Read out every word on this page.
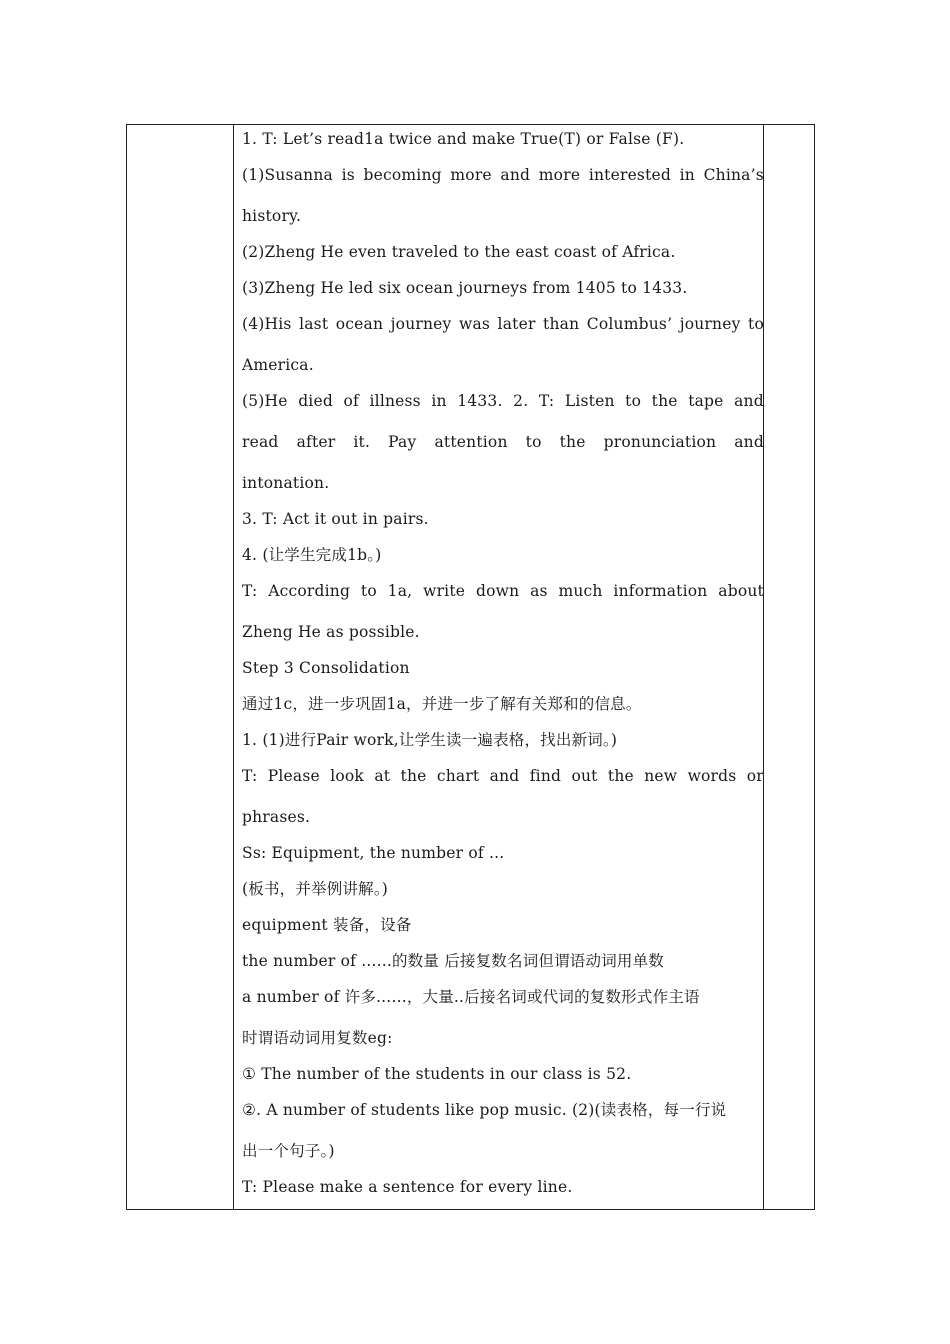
1. T: Let’s read1a twice and make True(T) or False (F).
(1)Susanna is becoming more and more interested in China’s
history.
(2)Zheng He even traveled to the east coast of Africa.
(3)Zheng He led six ocean journeys from 1405 to 1433.
(4)His last ocean journey was later than Columbus’ journey to
America.
(5)He died of illness in 1433. 2. T: Listen to the tape and
read after it. Pay attention to the pronunciation and
intonation.
3. T: Act it out in pairs.
4. (让学生完成1b。)
T: According to 1a, write down as much information about
Zheng He as possible.
Step 3 Consolidation
通过1c，进一步巩固1a，并进一步了解有关郑和的信息。
1. (1)进行Pair work,让学生读一遍表格，找出新词。)
T: Please look at the chart and find out the new words or
phrases.
Ss: Equipment, the number of ...
(板书，并举例讲解。)
equipment 装备，设备
the number of ......的数量 后接复数名词但谓语动词用单数
a number of 许多......，大量..后接名词或代词的复数形式作主语
时谓语动词用复数eg:
① The number of the students in our class is 52.
②. A number of students like pop music. (2)(读表格，每一行说
出一个句子。)
T: Please make a sentence for every line.
